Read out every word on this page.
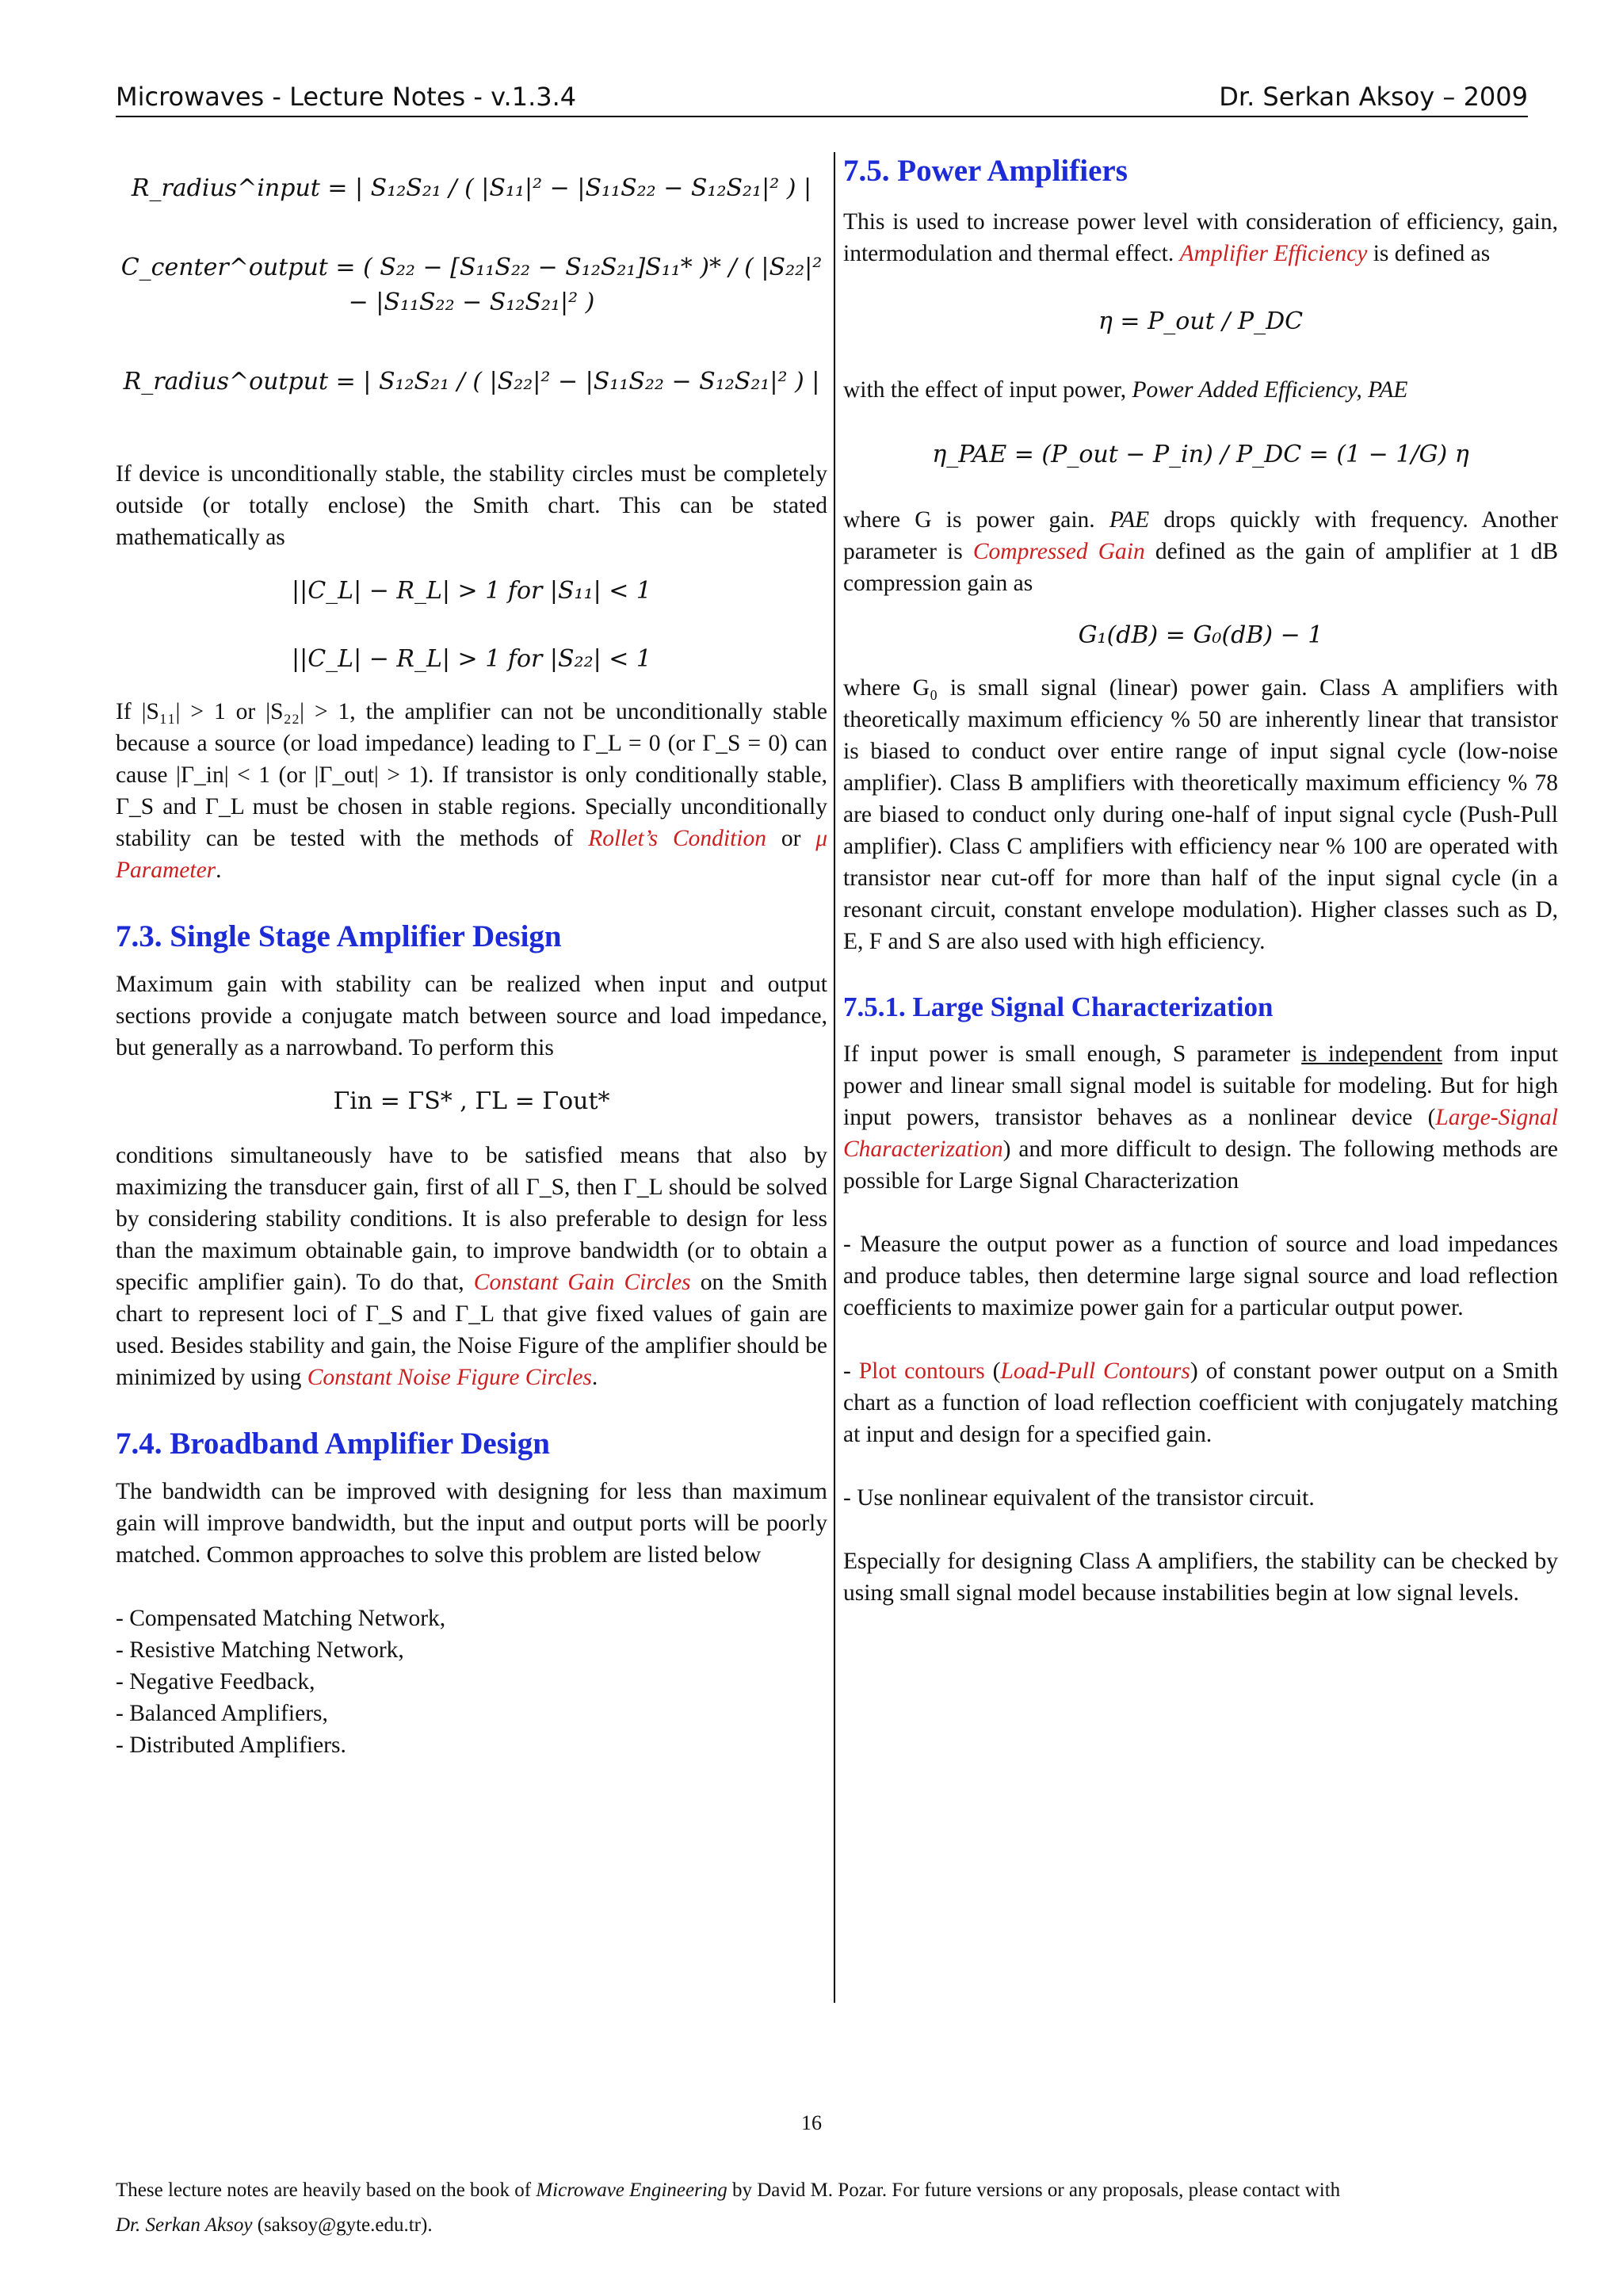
Microwaves - Lecture Notes - v.1.3.4	Dr. Serkan Aksoy – 2009

R_radius^input = | S₁₂S₂₁ / ( |S₁₁|² − |S₁₁S₂₂ − S₁₂S₂₁|² ) |

C_center^output = ( S₂₂ − [S₁₁S₂₂ − S₁₂S₂₁]S₁₁* )* / ( |S₂₂|² − |S₁₁S₂₂ − S₁₂S₂₁|² )

R_radius^output = | S₁₂S₂₁ / ( |S₂₂|² − |S₁₁S₂₂ − S₁₂S₂₁|² ) |

If device is unconditionally stable, the stability circles must be completely outside (or totally enclose) the Smith chart. This can be stated mathematically as

||C_L| − R_L| > 1 for |S₁₁| < 1

||C_L| − R_L| > 1 for |S₂₂| < 1

If |S₁₁| > 1 or |S₂₂| > 1, the amplifier can not be unconditionally stable because a source (or load impedance) leading to Γ_L = 0 (or Γ_S = 0) can cause |Γ_in| < 1 (or |Γ_out| > 1). If transistor is only conditionally stable, Γ_S and Γ_L must be chosen in stable regions. Specially unconditionally stability can be tested with the methods of Rollet’s Condition or μ Parameter.

7.3. Single Stage Amplifier Design

Maximum gain with stability can be realized when input and output sections provide a conjugate match between source and load impedance, but generally as a narrowband. To perform this

Γin = ΓS* , ΓL = Γout*

conditions simultaneously have to be satisfied means that also by maximizing the transducer gain, first of all Γ_S, then Γ_L should be solved by considering stability conditions. It is also preferable to design for less than the maximum obtainable gain, to improve bandwidth (or to obtain a specific amplifier gain). To do that, Constant Gain Circles on the Smith chart to represent loci of Γ_S and Γ_L that give fixed values of gain are used. Besides stability and gain, the Noise Figure of the amplifier should be minimized by using Constant Noise Figure Circles.

7.4. Broadband Amplifier Design

The bandwidth can be improved with designing for less than maximum gain will improve bandwidth, but the input and output ports will be poorly matched. Common approaches to solve this problem are listed below

- Compensated Matching Network,

- Resistive Matching Network,

- Negative Feedback,

- Balanced Amplifiers,

- Distributed Amplifiers.

7.5. Power Amplifiers

This is used to increase power level with consideration of efficiency, gain, intermodulation and thermal effect. Amplifier Efficiency is defined as

η = P_out / P_DC

with the effect of input power, Power Added Efficiency, PAE

η_PAE = (P_out − P_in) / P_DC = (1 − 1/G) η

where G is power gain. PAE drops quickly with frequency. Another parameter is Compressed Gain defined as the gain of amplifier at 1 dB compression gain as

G₁(dB) = G₀(dB) − 1

where G₀ is small signal (linear) power gain. Class A amplifiers with theoretically maximum efficiency % 50 are inherently linear that transistor is biased to conduct over entire range of input signal cycle (low-noise amplifier). Class B amplifiers with theoretically maximum efficiency % 78 are biased to conduct only during one-half of input signal cycle (Push-Pull amplifier). Class C amplifiers with efficiency near % 100 are operated with transistor near cut-off for more than half of the input signal cycle (in a resonant circuit, constant envelope modulation). Higher classes such as D, E, F and S are also used with high efficiency.

7.5.1. Large Signal Characterization

If input power is small enough, S parameter is independent from input power and linear small signal model is suitable for modeling. But for high input powers, transistor behaves as a nonlinear device (Large-Signal Characterization) and more difficult to design. The following methods are possible for Large Signal Characterization

- Measure the output power as a function of source and load impedances and produce tables, then determine large signal source and load reflection coefficients to maximize power gain for a particular output power.

- Plot contours (Load-Pull Contours) of constant power output on a Smith chart as a function of load reflection coefficient with conjugately matching at input and design for a specified gain.

- Use nonlinear equivalent of the transistor circuit.

Especially for designing Class A amplifiers, the stability can be checked by using small signal model because instabilities begin at low signal levels.

16
These lecture notes are heavily based on the book of Microwave Engineering by David M. Pozar. For future versions or any proposals, please contact with
Dr. Serkan Aksoy (saksoy@gyte.edu.tr).
